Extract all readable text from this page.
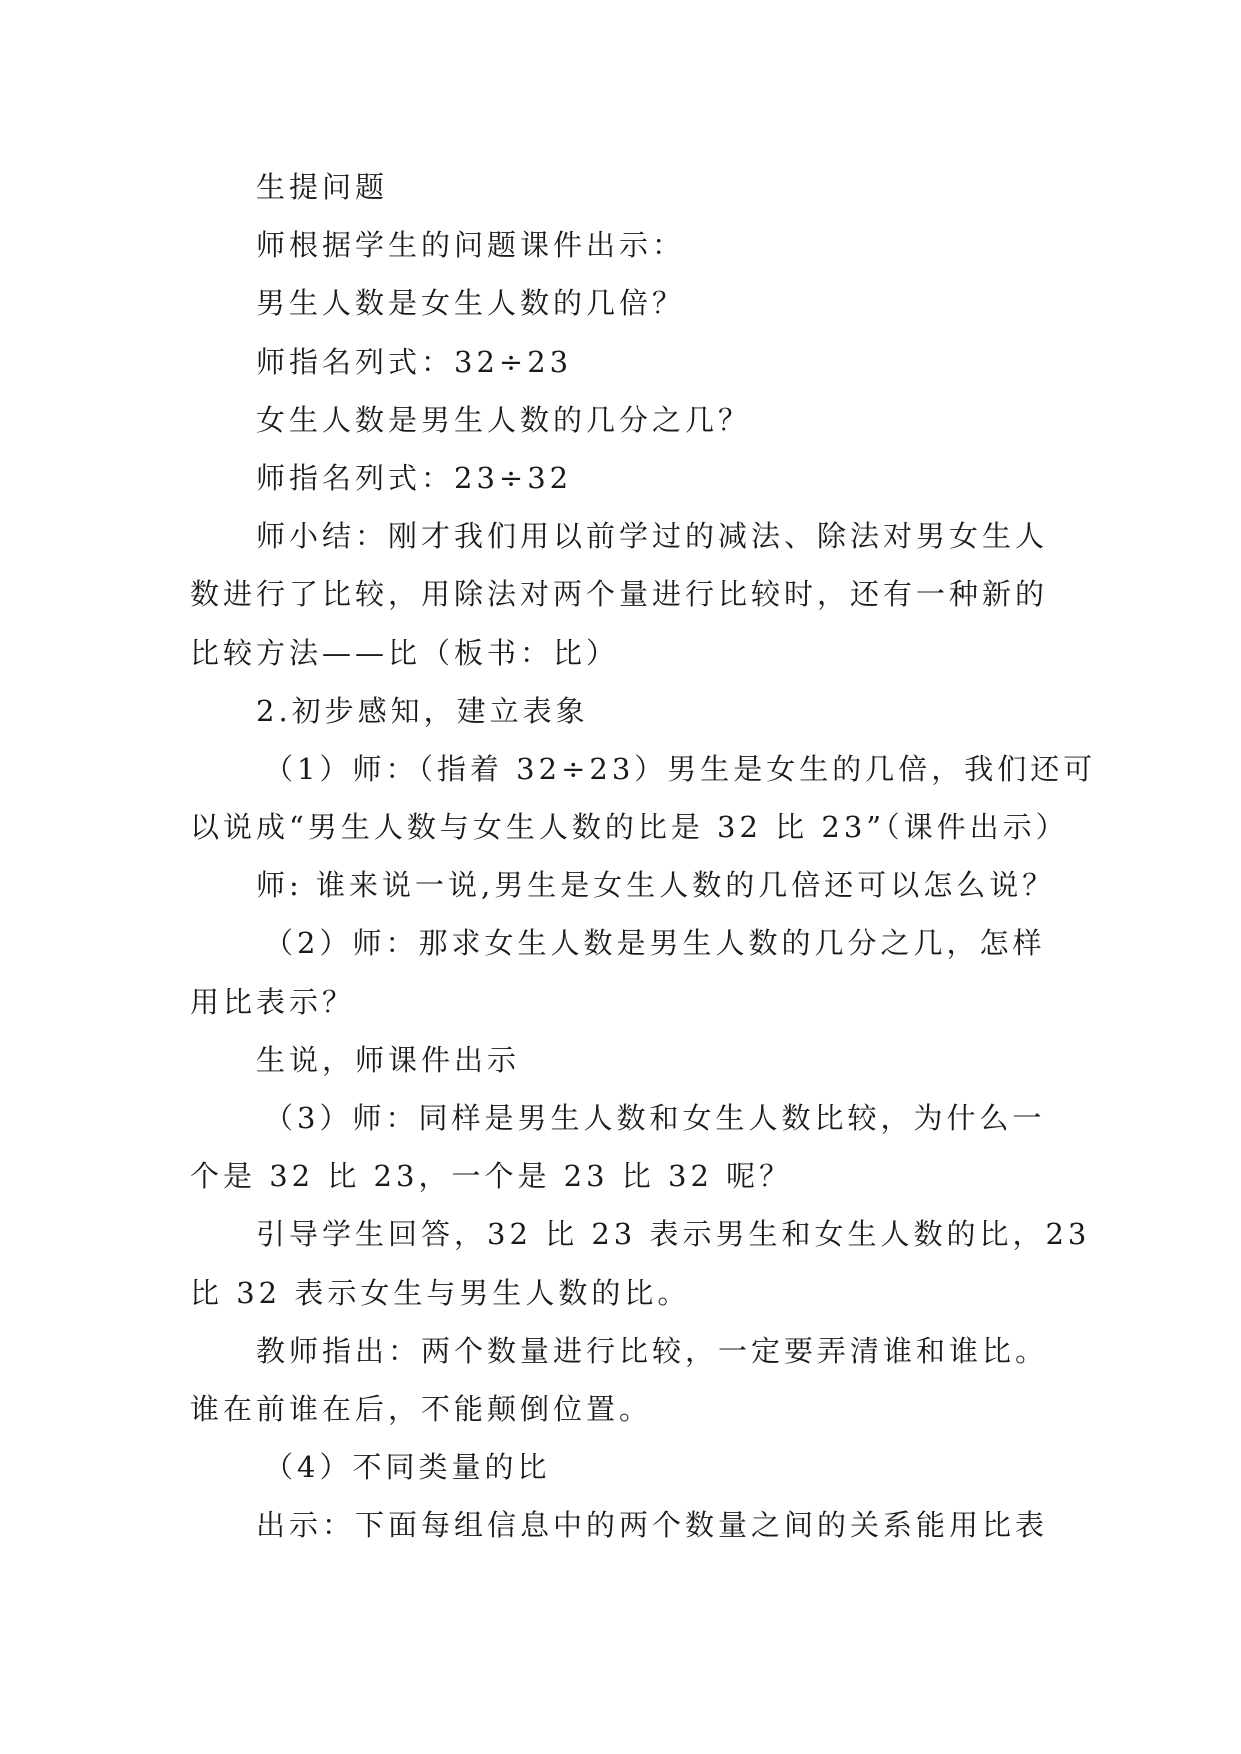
生提问题
师根据学生的问题课件出示：
男生人数是女生人数的几倍？
师指名列式：32÷23
女生人数是男生人数的几分之几？
师指名列式：23÷32
师小结：刚才我们用以前学过的减法、除法对男女生人
数进行了比较，用除法对两个量进行比较时，还有一种新的
比较方法——比（板书：比）
2.初步感知，建立表象
（1）师：（指着 32÷23）男生是女生的几倍，我们还可
以说成“男生人数与女生人数的比是 32 比 23”（课件出示）
师: 谁来说一说,男生是女生人数的几倍还可以怎么说？
（2）师：那求女生人数是男生人数的几分之几，怎样
用比表示？
生说，师课件出示
（3）师：同样是男生人数和女生人数比较，为什么一
个是 32 比 23，一个是 23 比 32 呢？
引导学生回答，32 比 23 表示男生和女生人数的比，23
比 32 表示女生与男生人数的比。
教师指出：两个数量进行比较，一定要弄清谁和谁比。
谁在前谁在后，不能颠倒位置。
（4）不同类量的比
出示：下面每组信息中的两个数量之间的关系能用比表
